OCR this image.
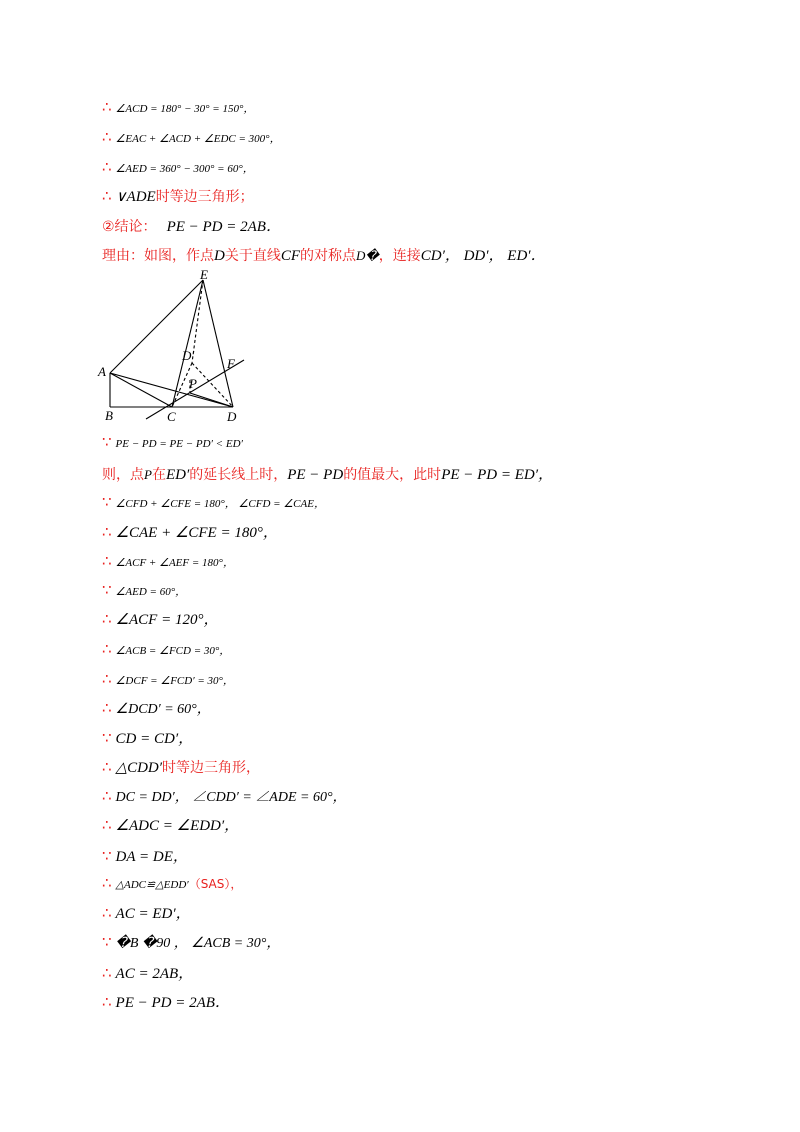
∴ ∠ACD = 180° − 30° = 150°，
∴ ∠EAC + ∠ACD + ∠EDC = 300°，
∴ ∠AED = 360° − 300° = 60°，
∴ ∨ADE 时等边三角形；
②结论： PE − PD = 2AB．
理由：如图，作点 D 关于直线 CF 的对称点 D� ，连接 CD′， DD′， ED′．
E
A
B	C	D
F
P
D′
∵ PE − PD = PE − PD′ < ED′
则，点 P 在 ED′ 的延长线上时， PE − PD 的值最大，此时 PE − PD = ED′，
∵ ∠CFD + ∠CFE = 180°， ∠CFD = ∠CAE，
∴ ∠CAE + ∠CFE = 180°，
∴ ∠ACF + ∠AEF = 180°，
∵ ∠AED = 60°，
∴ ∠ACF = 120°，
∴ ∠ACB = ∠FCD = 30°，
∴ ∠DCF = ∠FCD′ = 30°，
∴ ∠DCD′ = 60°，
∵ CD = CD′，
∴ △CDD′ 时等边三角形，
∴ DC = DD′， ∠CDD′ = ∠ADE = 60°，
∴ ∠ADC = ∠EDD′，
∵ DA = DE，
∴ △ADC≌△EDD′ （SAS），
∴ AC = ED′，
∵ �B �90 ， ∠ACB = 30°，
∴ AC = 2AB，
∴ PE − PD = 2AB．
